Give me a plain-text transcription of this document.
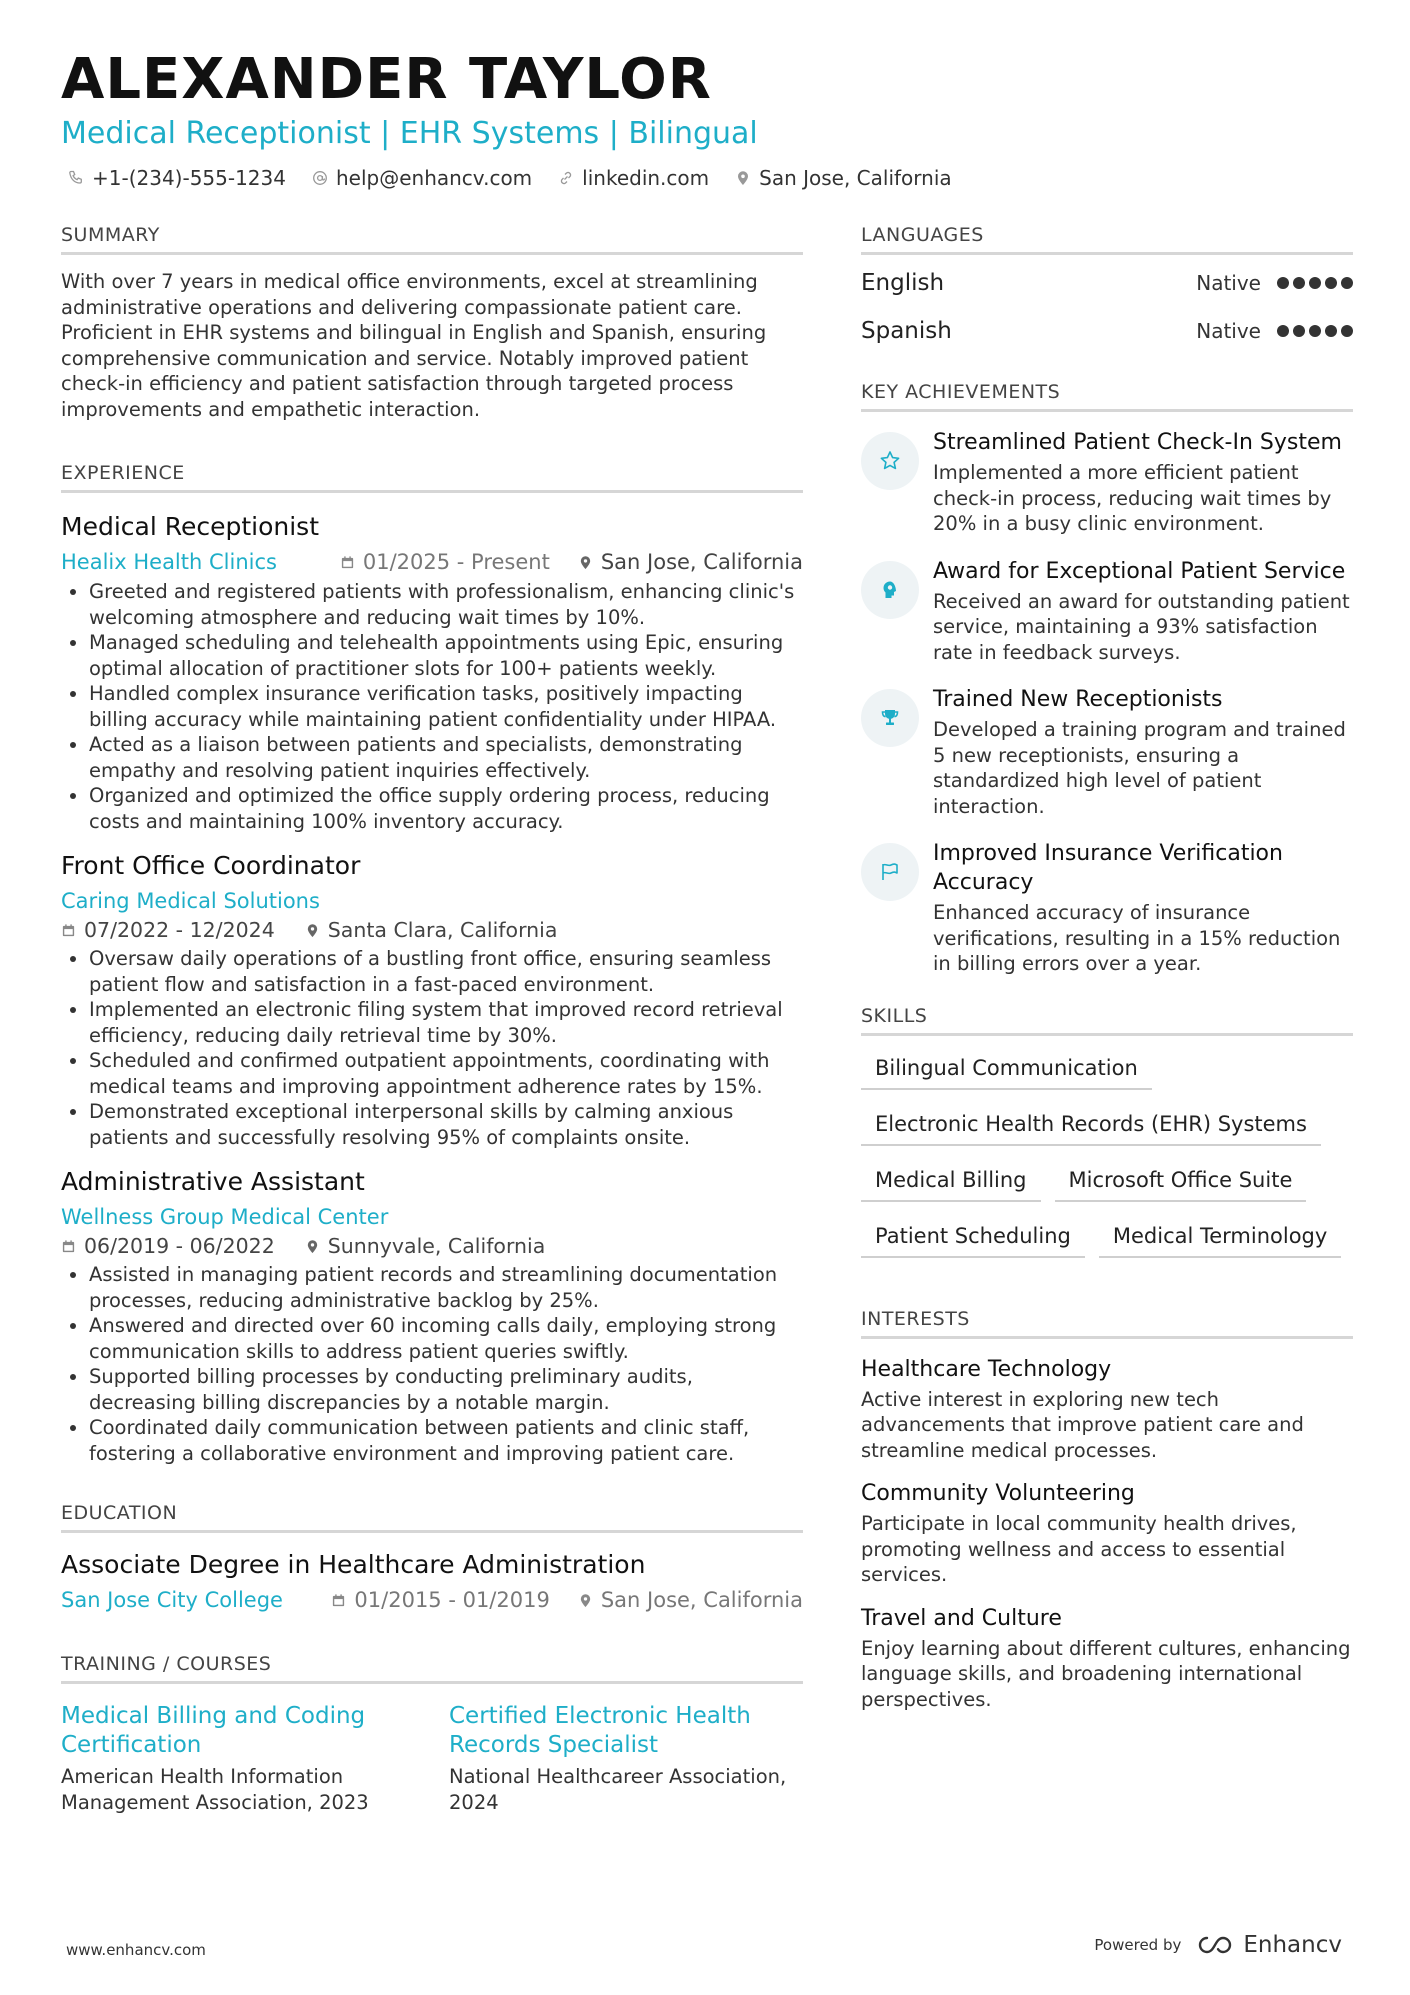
ALEXANDER TAYLOR
Medical Receptionist | EHR Systems | Bilingual
+1-(234)-555-1234	help@enhancv.com	linkedin.com	San Jose, California
SUMMARY
With over 7 years in medical office environments, excel at streamlining administrative operations and delivering compassionate patient care. Proficient in EHR systems and bilingual in English and Spanish, ensuring comprehensive communication and service. Notably improved patient check-in efficiency and patient satisfaction through targeted process improvements and empathetic interaction.
EXPERIENCE
Medical Receptionist
Healix Health Clinics	01/2025 - Present San Jose, California
• Greeted and registered patients with professionalism, enhancing clinic's welcoming atmosphere and reducing wait times by 10%.
• Managed scheduling and telehealth appointments using Epic, ensuring optimal allocation of practitioner slots for 100+ patients weekly.
• Handled complex insurance verification tasks, positively impacting billing accuracy while maintaining patient confidentiality under HIPAA.
• Acted as a liaison between patients and specialists, demonstrating empathy and resolving patient inquiries effectively.
• Organized and optimized the office supply ordering process, reducing costs and maintaining 100% inventory accuracy.
Front Office Coordinator
Caring Medical Solutions
07/2022 - 12/2024	Santa Clara, California
• Oversaw daily operations of a bustling front office, ensuring seamless patient flow and satisfaction in a fast-paced environment.
• Implemented an electronic filing system that improved record retrieval efficiency, reducing daily retrieval time by 30%.
• Scheduled and confirmed outpatient appointments, coordinating with medical teams and improving appointment adherence rates by 15%.
• Demonstrated exceptional interpersonal skills by calming anxious patients and successfully resolving 95% of complaints onsite.
Administrative Assistant
Wellness Group Medical Center
06/2019 - 06/2022	Sunnyvale, California
• Assisted in managing patient records and streamlining documentation processes, reducing administrative backlog by 25%.
• Answered and directed over 60 incoming calls daily, employing strong communication skills to address patient queries swiftly.
• Supported billing processes by conducting preliminary audits, decreasing billing discrepancies by a notable margin.
• Coordinated daily communication between patients and clinic staff, fostering a collaborative environment and improving patient care.
EDUCATION
Associate Degree in Healthcare Administration
San Jose City College	01/2015 - 01/2019 San Jose, California
TRAINING / COURSES
Medical Billing and Coding Certification
American Health Information Management Association, 2023
Certified Electronic Health Records Specialist
National Healthcareer Association, 2024
LANGUAGES
English	Native
Spanish	Native
KEY ACHIEVEMENTS
Streamlined Patient Check-In System
Implemented a more efficient patient check-in process, reducing wait times by 20% in a busy clinic environment.
Award for Exceptional Patient Service
Received an award for outstanding patient service, maintaining a 93% satisfaction rate in feedback surveys.
Trained New Receptionists
Developed a training program and trained 5 new receptionists, ensuring a standardized high level of patient interaction.
Improved Insurance Verification Accuracy
Enhanced accuracy of insurance verifications, resulting in a 15% reduction in billing errors over a year.
SKILLS
Bilingual Communication
Electronic Health Records (EHR) Systems
Medical Billing	Microsoft Office Suite
Patient Scheduling	Medical Terminology
INTERESTS
Healthcare Technology
Active interest in exploring new tech advancements that improve patient care and streamline medical processes.
Community Volunteering
Participate in local community health drives, promoting wellness and access to essential services.
Travel and Culture
Enjoy learning about different cultures, enhancing language skills, and broadening international perspectives.
www.enhancv.com	Powered by	Enhancv
